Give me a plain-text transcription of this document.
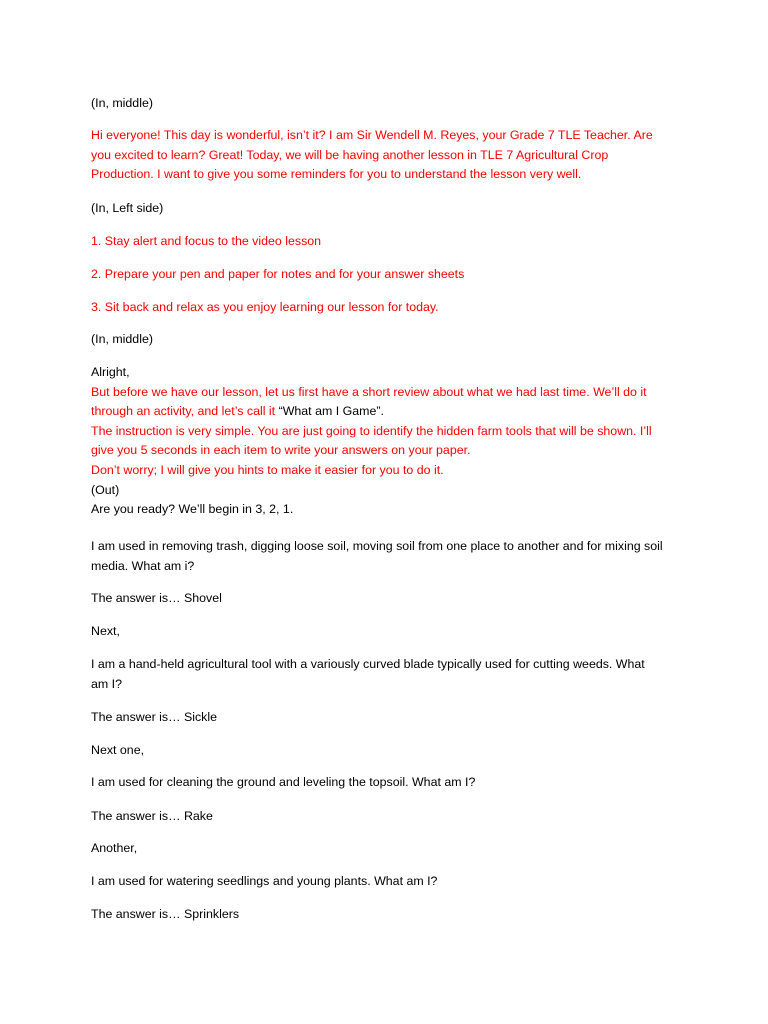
(In, middle)

Hi everyone! This day is wonderful, isn’t it? I am Sir Wendell M. Reyes, your Grade 7 TLE Teacher. Are
you excited to learn? Great! Today, we will be having another lesson in TLE 7 Agricultural Crop
Production. I want to give you some reminders for you to understand the lesson very well.

(In, Left side)

1. Stay alert and focus to the video lesson

2. Prepare your pen and paper for notes and for your answer sheets

3. Sit back and relax as you enjoy learning our lesson for today.

(In, middle)

Alright,
But before we have our lesson, let us first have a short review about what we had last time. We’ll do it
through an activity, and let’s call it “What am I Game”.
The instruction is very simple. You are just going to identify the hidden farm tools that will be shown. I’ll
give you 5 seconds in each item to write your answers on your paper.
Don’t worry; I will give you hints to make it easier for you to do it.
(Out)
Are you ready? We’ll begin in 3, 2, 1.

I am used in removing trash, digging loose soil, moving soil from one place to another and for mixing soil
media. What am i?

The answer is… Shovel

Next,

I am a hand-held agricultural tool with a variously curved blade typically used for cutting weeds. What
am I?

The answer is… Sickle

Next one,

I am used for cleaning the ground and leveling the topsoil. What am I?

The answer is… Rake

Another,

I am used for watering seedlings and young plants. What am I?

The answer is… Sprinklers
